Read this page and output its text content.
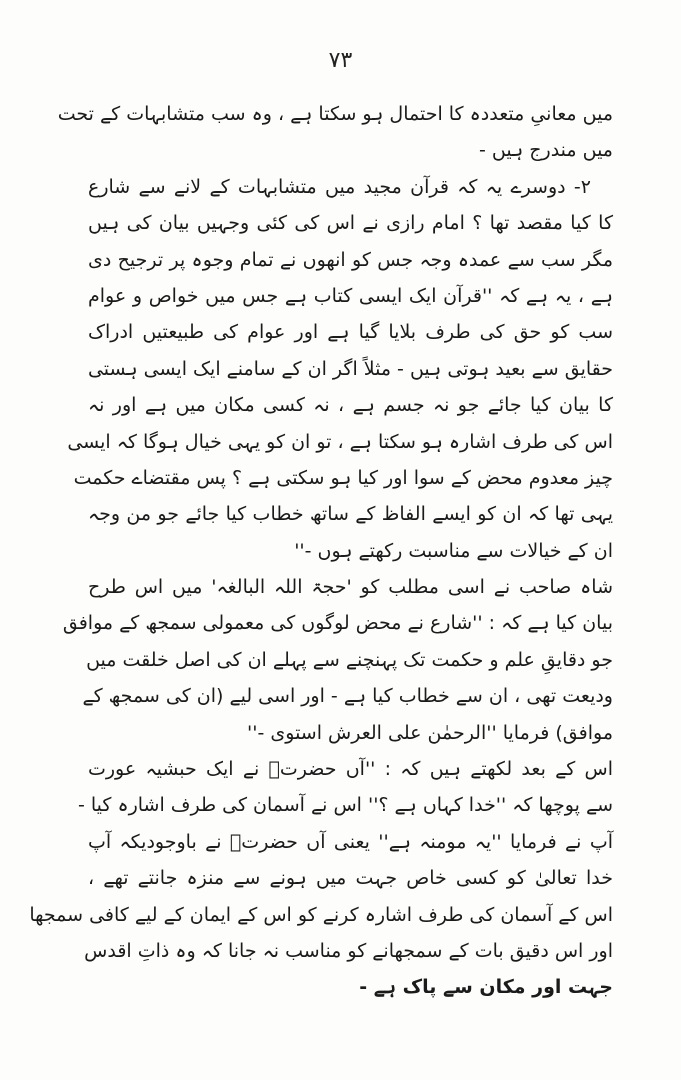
۷۳
میں معانیِ متعددہ کا احتمال ہو سکتا ہے ، وہ سب متشابہات کے تحت
میں مندرج ہیں -
۲- دوسرے یہ کہ قرآن مجید میں متشابہات کے لانے سے شارع
کا کیا مقصد تھا ؟ امام رازی نے اس کی کئی وجہیں بیان کی ہیں
مگر سب سے عمدہ وجہ جس کو انھوں نے تمام وجوہ پر ترجیح دی
ہے ، یہ ہے کہ ''قرآن ایک ایسی کتاب ہے جس میں خواص و عوام
سب کو حق کی طرف بلایا گیا ہے اور عوام کی طبیعتیں ادراک
حقایق سے بعید ہوتی ہیں - مثلاً اگر ان کے سامنے ایک ایسی ہستی
کا بیان کیا جائے جو نہ جسم ہے ، نہ کسی مکان میں ہے اور نہ
اس کی طرف اشارہ ہو سکتا ہے ، تو ان کو یہی خیال ہوگا کہ ایسی
چیز معدوم محض کے سوا اور کیا ہو سکتی ہے ؟ پس مقتضاے حکمت
یہی تھا کہ ان کو ایسے الفاظ کے ساتھ خطاب کیا جائے جو من وجہ
ان کے خیالات سے مناسبت رکھتے ہوں -''
شاہ صاحب نے اسی مطلب کو 'حجۃ اللہ البالغہ' میں اس طرح
بیان کیا ہے کہ : ''شارع نے محض لوگوں کی معمولی سمجھ کے موافق
جو دقایقِ علم و حکمت تک پہنچنے سے پہلے ان کی اصل خلقت میں
ودیعت تھی ، ان سے خطاب کیا ہے - اور اسی لیے (ان کی سمجھ کے
موافق) فرمایا ''الرحمٰن علی العرش استوی -''
اس کے بعد لکھتے ہیں کہ : ''آں حضرتؐ نے ایک حبشیہ عورت
سے پوچھا کہ ''خدا کہاں ہے ؟'' اس نے آسمان کی طرف اشارہ کیا -
آپ نے فرمایا ''یہ مومنہ ہے'' یعنی آں حضرتؐ نے باوجودیکہ آپ
خدا تعالیٰ کو کسی خاص جہت میں ہونے سے منزہ جانتے تھے ،
اس کے آسمان کی طرف اشارہ کرنے کو اس کے ایمان کے لیے کافی سمجھا
اور اس دقیق بات کے سمجھانے کو مناسب نہ جانا کہ وہ ذاتِ اقدس
جہت اور مکان سے پاک ہے -
